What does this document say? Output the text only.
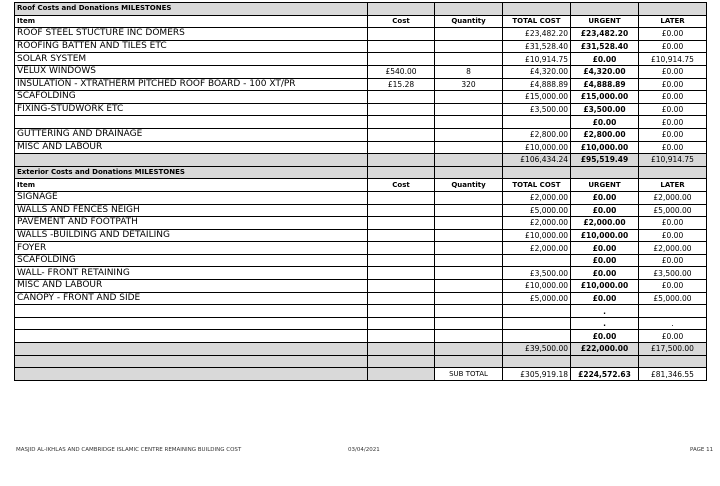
Roof Costs and Donations MILESTONES					
Item	Cost	Quantity	TOTAL COST	URGENT	LATER
ROOF STEEL STUCTURE INC DOMERS			£23,482.20	£23,482.20	£0.00
ROOFING BATTEN AND TILES ETC			£31,528.40	£31,528.40	£0.00
SOLAR SYSTEM			£10,914.75	£0.00	£10,914.75
VELUX WINDOWS	£540.00	8	£4,320.00	£4,320.00	£0.00
INSULATION - XTRATHERM PITCHED ROOF BOARD - 100 XT/PR	£15.28	320	£4,888.89	£4,888.89	£0.00
SCAFOLDING			£15,000.00	£15,000.00	£0.00
FIXING-STUDWORK ETC			£3,500.00	£3,500.00	£0.00
				£0.00	£0.00
GUTTERING AND DRAINAGE			£2,800.00	£2,800.00	£0.00
MISC AND LABOUR			£10,000.00	£10,000.00	£0.00
			£106,434.24	£95,519.49	£10,914.75
Exterior Costs and Donations MILESTONES					
Item	Cost	Quantity	TOTAL COST	URGENT	LATER
SIGNAGE			£2,000.00	£0.00	£2,000.00
WALLS AND FENCES NEIGH			£5,000.00	£0.00	£5,000.00
PAVEMENT AND FOOTPATH			£2,000.00	£2,000.00	£0.00
WALLS -BUILDING AND DETAILING			£10,000.00	£10,000.00	£0.00
FOYER			£2,000.00	£0.00	£2,000.00
SCAFOLDING				£0.00	£0.00
WALL- FRONT RETAINING			£3,500.00	£0.00	£3,500.00
MISC AND LABOUR			£10,000.00	£10,000.00	£0.00
CANOPY - FRONT AND SIDE			£5,000.00	£0.00	£5,000.00
				.	
				.	.
				£0.00	£0.00
			£39,500.00	£22,000.00	£17,500.00

		SUB TOTAL	£305,919.18	£224,572.63	£81,346.55
MASJID AL-IKHLAS AND CAMBRIDGE ISLAMIC CENTRE REMAINING BUILDING COST	03/04/2021	PAGE 11
